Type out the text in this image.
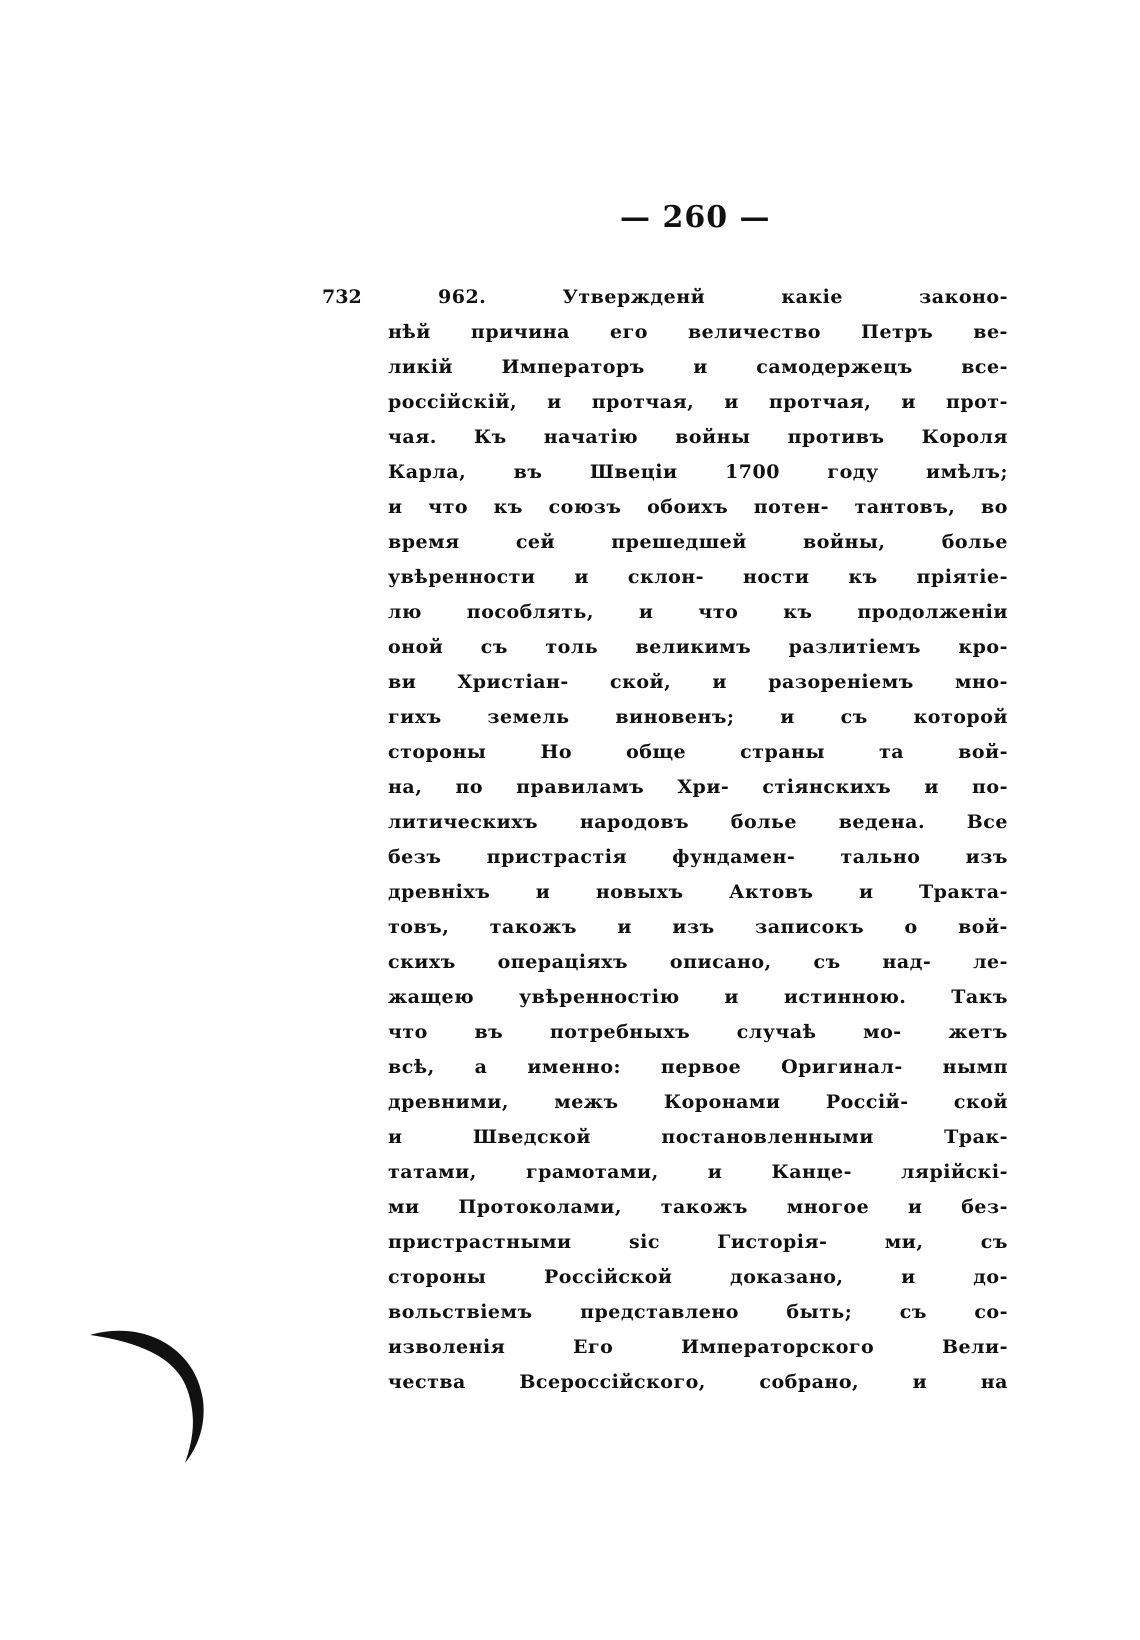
— 260 —
732	962.	Утвержденй	какiе	законо-
нѣй причина его величество Петръ ве-
ликiй	Императоръ	и	самодержецъ	все-
россiйскiй, и протчая, и протчая, и прот-
чая. Къ начатiю войны противъ Короля
Карла, въ Швецiи 1700 году имѣлъ;
и что къ союзъ обоихъ потен- тантовъ, во
время	сей	прешедшей	войны,	болье
увѣренности и склон- ности къ прiятiе-
лю пособлять, и что къ продолженiи
оной съ толь великимъ разлитiемъ кро-
ви Христiан- ской, и разоренiемъ мно-
гихъ земель виновенъ; и съ которой
стороны	Но	обще	страны	та	вой-
на, по правиламъ Хри- стiянскихъ и по-
литическихъ народовъ болье ведена. Все
безъ пристрастiя фундамен- тально изъ
древнiхъ и новыхъ Актовъ и Трактa-
товъ, такожъ и изъ записокъ о вой-
скихъ операцiяхъ описано, съ над- ле-
жащею увѣренностiю и истинною. Такъ
что въ потребныхъ случаѣ мо- жетъ
всѣ, а именно: первое Оригинал- нымп
древними, межъ Коронами Россiй- ской
и	Шведской	постановленными	Трак-
татами,	грамотами,	и	Канце-	лярiйскi-
ми Протоколами, такожъ многое и без-
пристрастными	sic	Гисторiя-	ми,	съ
стороны	Россiйской	доказано,	и	до-
вольствiемъ представлено быть; съ со-
изволенiя	Его	Императорского	Вели-
чества	Всероссiйского,	собрано,	и	на
